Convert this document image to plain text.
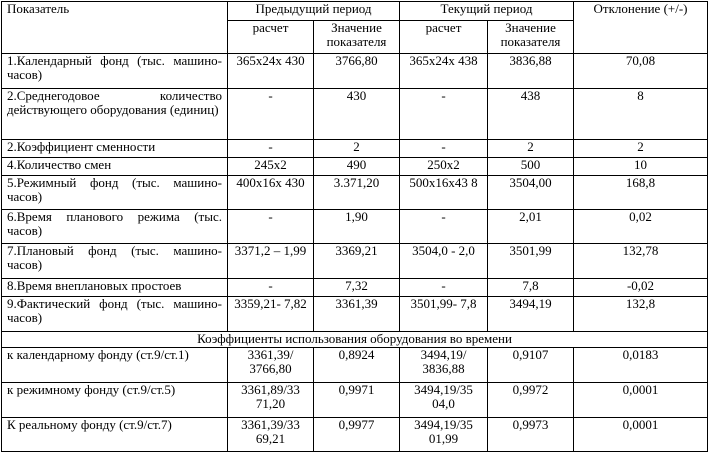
Показатель	Предыдущий период		Текущий период		Отклонение (+/-)
	расчет	Значение показателя	расчет	Значение показателя	
1.Календарный фонд (тыс. машино-часов)	365х24х 430	3766,80	365х24х 438	3836,88	70,08
2.Среднегодовое количество действующего оборудования (единиц)	-	430	-	438	8
2.Коэффициент сменности	-	2	-	2	2
4.Количество смен	245х2	490	250х2	500	10
5.Режимный фонд (тыс. машино-часов)	400х16х 430	3.371,20	500х16х43 8	3504,00	168,8
6.Время планового режима (тыс. часов)	-	1,90	-	2,01	0,02
7.Плановый фонд (тыс. машино-часов)	3371,2 – 1,99	3369,21	3504,0 - 2,0	3501,99	132,78
8.Время внеплановых простоев	-	7,32	-	7,8	-0,02
9.Фактический фонд (тыс. машино-часов)	3359,21- 7,82	3361,39	3501,99- 7,8	3494,19	132,8
Коэффициенты использования оборудования во времени					
к календарному фонду (ст.9/ст.1)	3361,39/ 3766,80	0,8924	3494,19/ 3836,88	0,9107	0,0183
к режимному фонду (ст.9/ст.5)	3361,89/33 71,20	0,9971	3494,19/35 04,0	0,9972	0,0001
К реальному фонду (ст.9/ст.7)	3361,39/33 69,21	0,9977	3494,19/35 01,99	0,9973	0,0001
